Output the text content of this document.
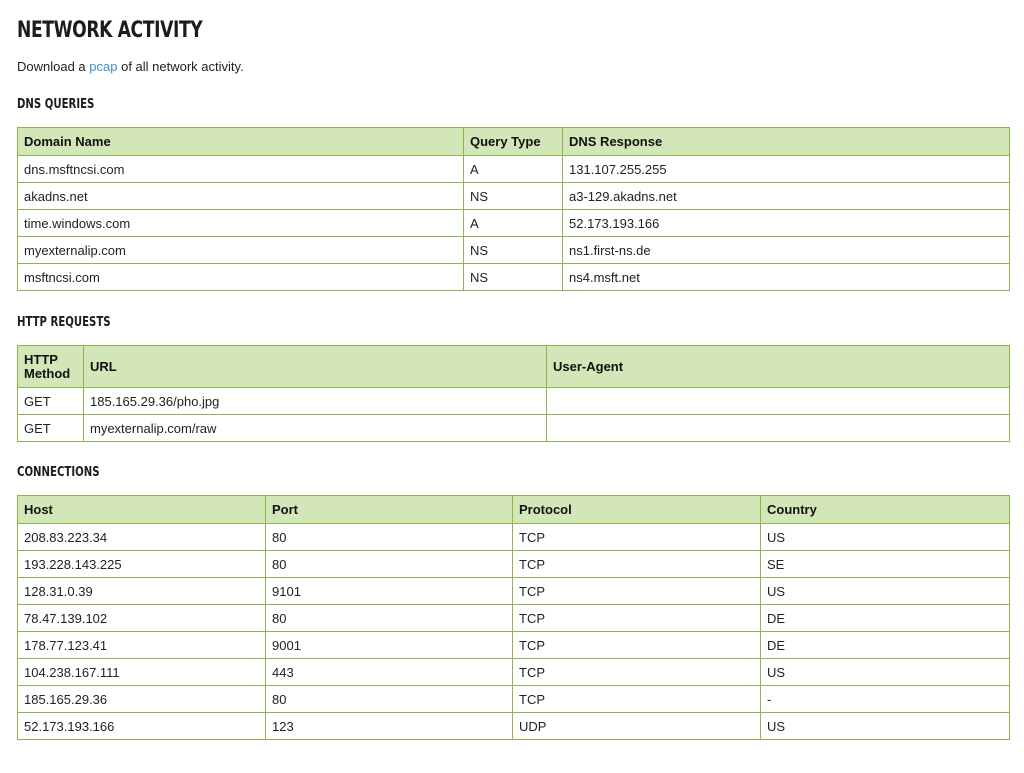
NETWORK ACTIVITY

Download a pcap of all network activity.

DNS QUERIES
Domain Name	Query Type	DNS Response
dns.msftncsi.com	A	131.107.255.255
akadns.net	NS	a3-129.akadns.net
time.windows.com	A	52.173.193.166
myexternalip.com	NS	ns1.first-ns.de
msftncsi.com	NS	ns4.msft.net
HTTP REQUESTS
HTTP Method	URL	User-Agent
GET	185.165.29.36/pho.jpg	
GET	myexternalip.com/raw	
CONNECTIONS
Host	Port	Protocol	Country
208.83.223.34	80	TCP	US
193.228.143.225	80	TCP	SE
128.31.0.39	9101	TCP	US
78.47.139.102	80	TCP	DE
178.77.123.41	9001	TCP	DE
104.238.167.111	443	TCP	US
185.165.29.36	80	TCP	-
52.173.193.166	123	UDP	US
